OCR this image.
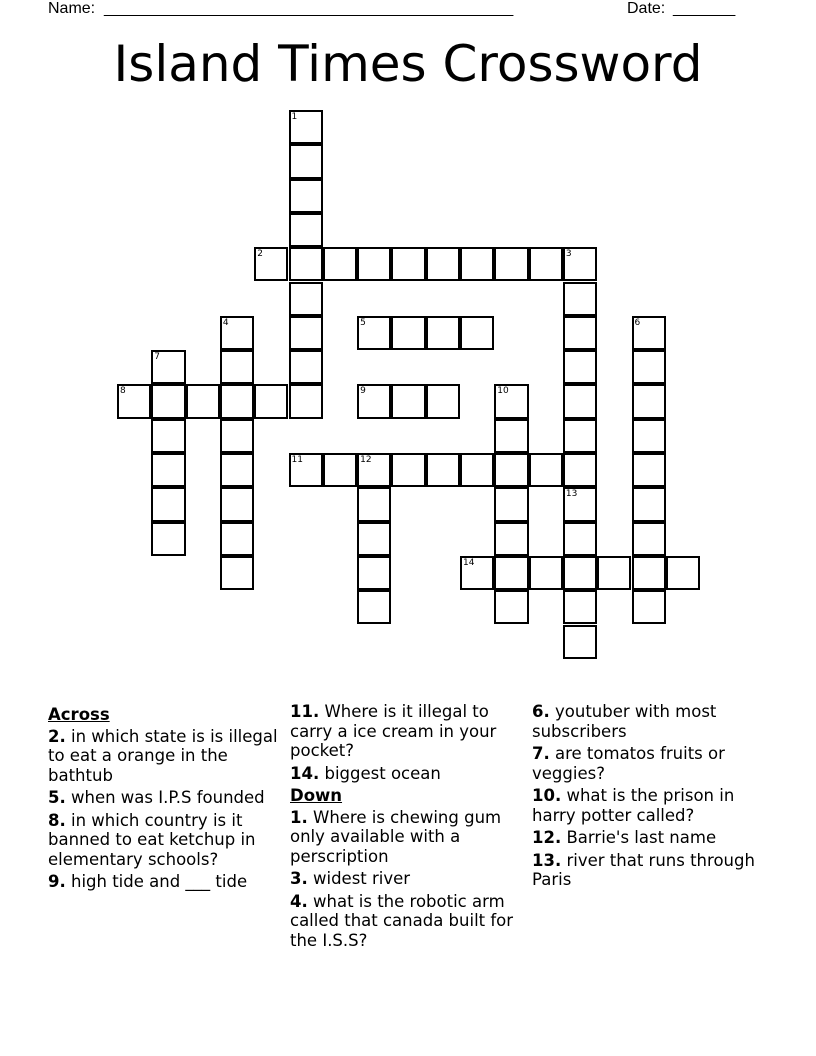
Name: ______________________________________________	Date: _______
Island Times Crossword
1
2	3
4	5	6
7
8	9	10
11	12
13
14
Across
2. in which state is is illegal to eat a orange in the bathtub
5. when was I.P.S founded
8. in which country is it banned to eat ketchup in elementary schools?
9. high tide and ___ tide
11. Where is it illegal to carry a ice cream in your pocket?
14. biggest ocean
Down
1. Where is chewing gum only available with a perscription
3. widest river
4. what is the robotic arm called that canada built for the I.S.S?
6. youtuber with most subscribers
7. are tomatos fruits or veggies?
10. what is the prison in harry potter called?
12. Barrie's last name
13. river that runs through Paris
